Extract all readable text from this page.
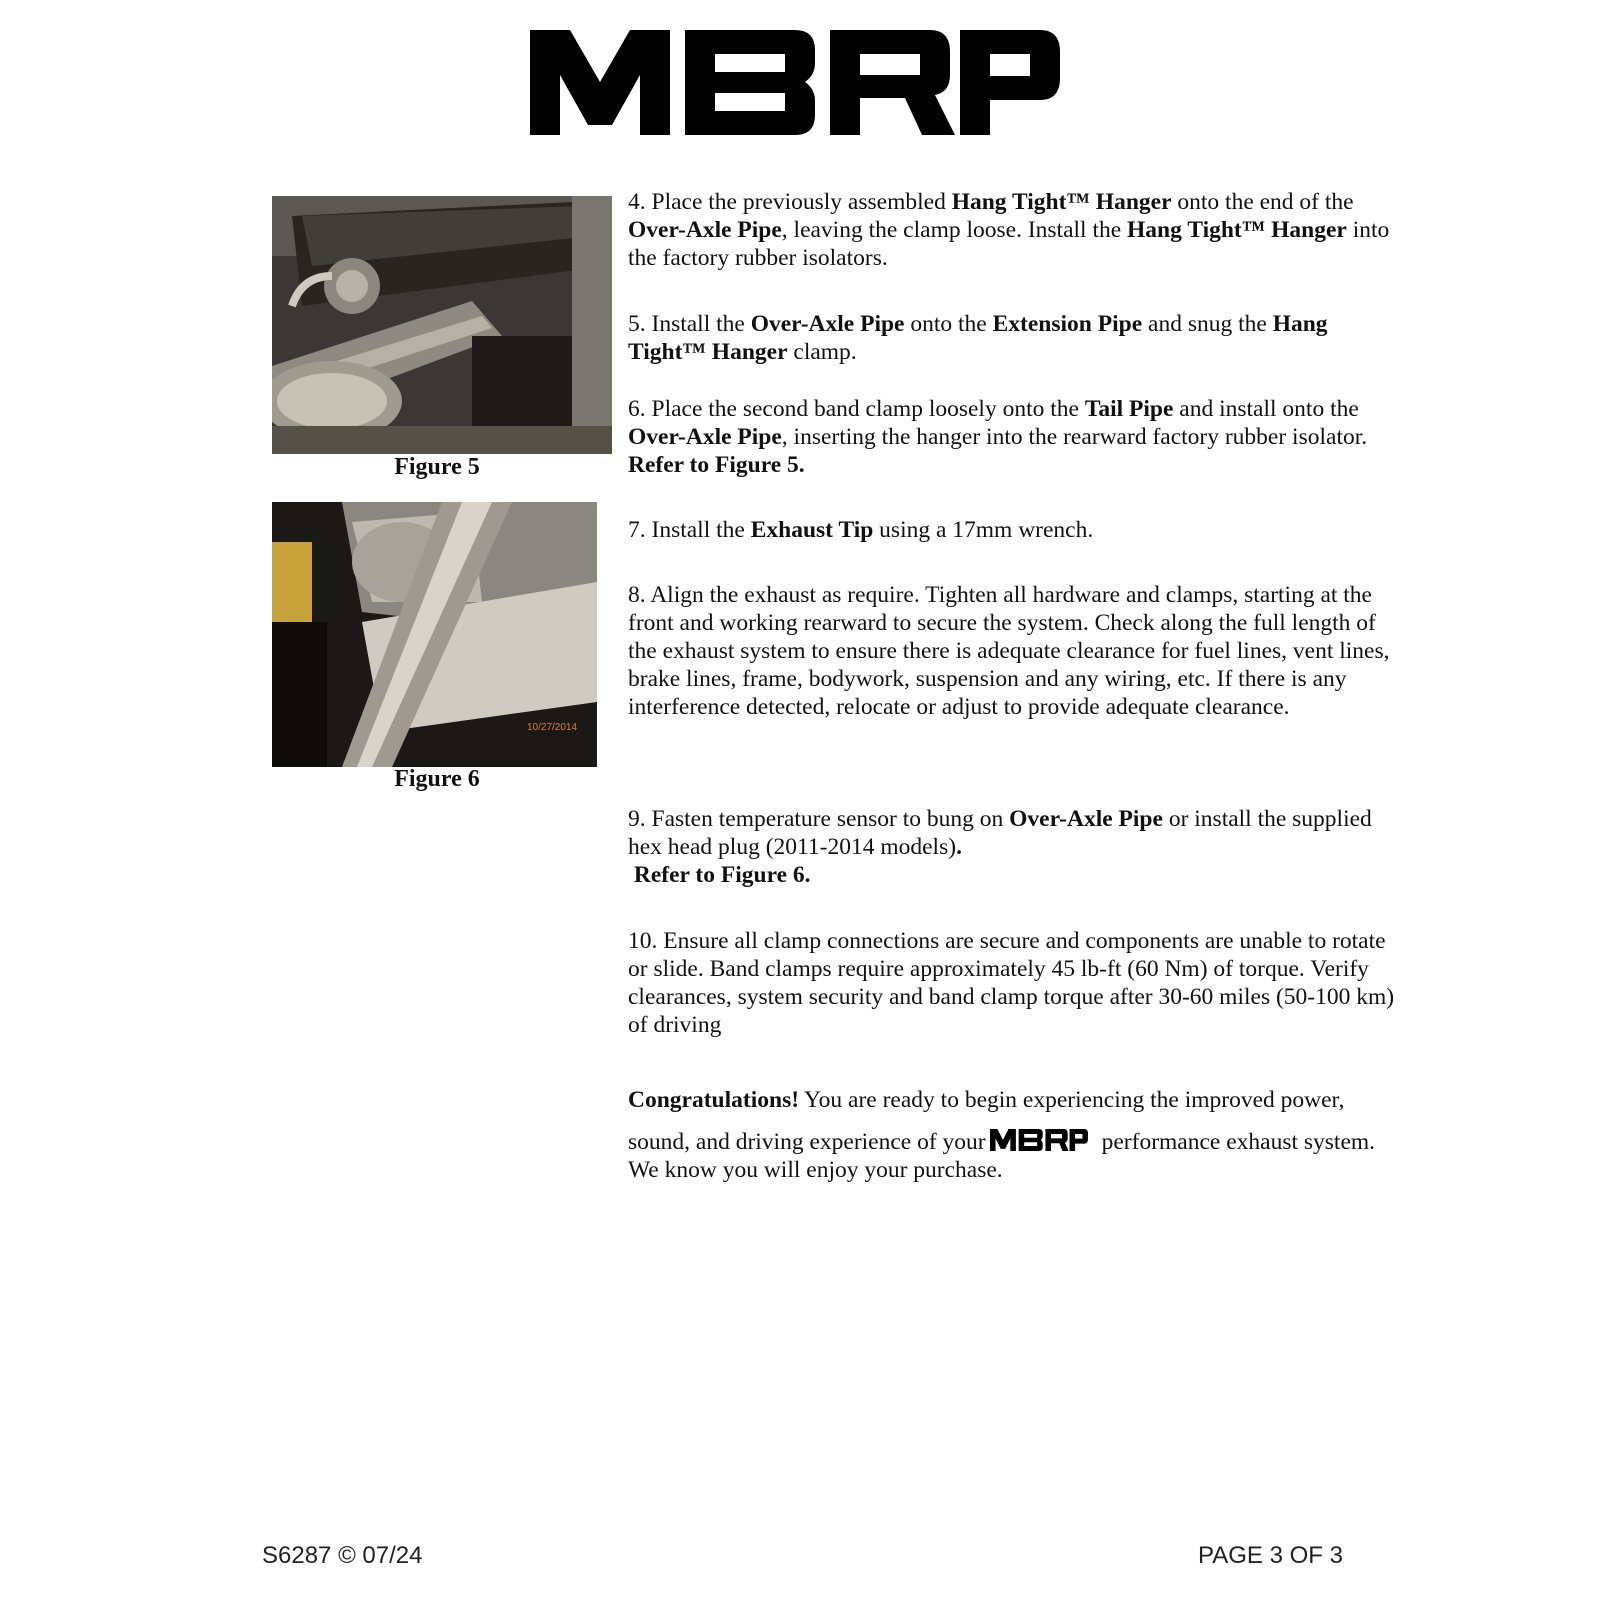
Figure 5
10/27/2014
Figure 6

4. Place the previously assembled Hang Tight™ Hanger onto the end of the Over-Axle Pipe, leaving the clamp loose. Install the Hang Tight™ Hanger into the factory rubber isolators.

5. Install the Over-Axle Pipe onto the Extension Pipe and snug the Hang Tight™ Hanger clamp.

6. Place the second band clamp loosely onto the Tail Pipe and install onto the Over-Axle Pipe, inserting the hanger into the rearward factory rubber isolator. Refer to Figure 5.

7. Install the Exhaust Tip using a 17mm wrench.

8. Align the exhaust as require. Tighten all hardware and clamps, starting at the front and working rearward to secure the system. Check along the full length of the exhaust system to ensure there is adequate clearance for fuel lines, vent lines, brake lines, frame, bodywork, suspension and any wiring, etc. If there is any interference detected, relocate or adjust to provide adequate clearance.

9. Fasten temperature sensor to bung on Over-Axle Pipe or install the supplied hex head plug (2011-2014 models).
Refer to Figure 6.

10. Ensure all clamp connections are secure and components are unable to rotate or slide. Band clamps require approximately 45 lb-ft (60 Nm) of torque. Verify clearances, system security and band clamp torque after 30-60 miles (50-100 km) of driving

Congratulations! You are ready to begin experiencing the improved power,
sound, and driving experience of your	performance exhaust system. We know you will enjoy your purchase.

S6287 © 07/24	PAGE 3 OF 3
